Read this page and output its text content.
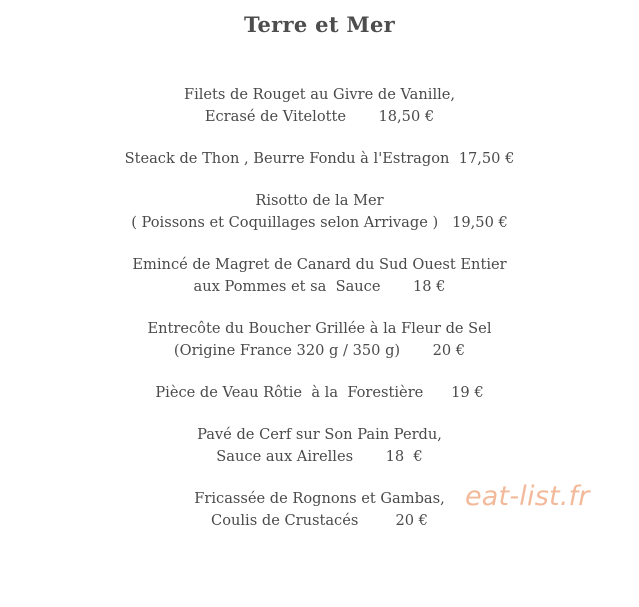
Terre et Mer
Filets de Rouget au Givre de Vanille,
Ecrasé de Vitelotte       18,50 €
Steack de Thon , Beurre Fondu à l'Estragon  17,50 €
Risotto de la Mer
( Poissons et Coquillages selon Arrivage )   19,50 €
Emincé de Magret de Canard du Sud Ouest Entier
aux Pommes et sa  Sauce       18 €
Entrecôte du Boucher Grillée à la Fleur de Sel
(Origine France 320 g / 350 g)       20 €
Pièce de Veau Rôtie  à la  Forestière      19 €
Pavé de Cerf sur Son Pain Perdu,
Sauce aux Airelles       18  €
Fricassée de Rognons et Gambas,
Coulis de Crustacés        20 €
eat-list.fr
